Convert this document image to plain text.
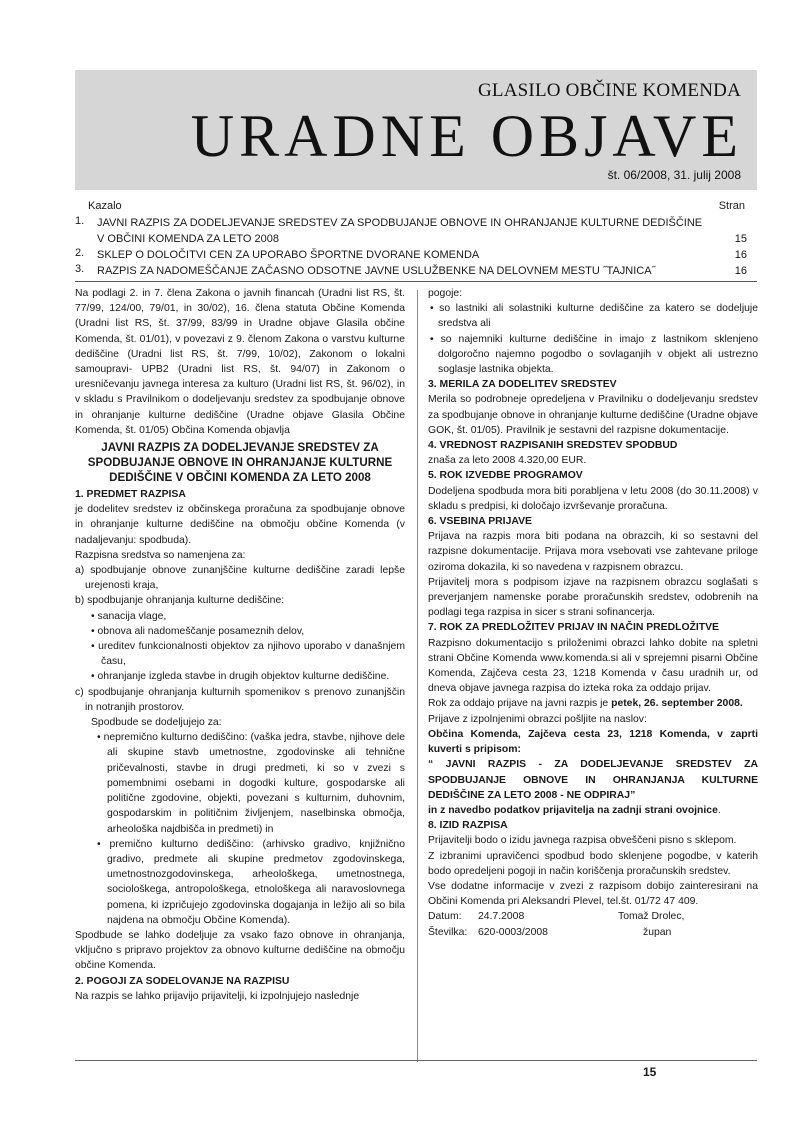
GLASILO OBČINE KOMENDA
URADNE OBJAVE
št. 06/2008, 31. julij 2008
Kazalo	Stran
1.	JAVNI RAZPIS ZA DODELJEVANJE SREDSTEV ZA SPODBUJANJE OBNOVE IN OHRANJANJE KULTURNE DEDIŠČINE V OBČINI KOMENDA ZA LETO 2008	15
2.	SKLEP O DOLOČITVI CEN ZA UPORABO ŠPORTNE DVORANE KOMENDA	16
3.	RAZPIS ZA NADOMEŠČANJE ZAČASNO ODSOTNE JAVNE USLUŽBENKE NA DELOVNEM MESTU ˝TAJNICA˝	16

Na podlagi 2. in 7. člena Zakona o javnih financah (Uradni list RS, št. 77/99, 124/00, 79/01, in 30/02), 16. člena statuta Občine Komenda (Uradni list RS, št. 37/99, 83/99 in Uradne objave Glasila občine Komenda, št. 01/01), v povezavi z 9. členom Zakona o varstvu kulturne dediščine (Uradni list RS, št. 7/99, 10/02), Zakonom o lokalni samoupravi- UPB2 (Uradni list RS, št. 94/07) in Zakonom o uresničevanju javnega interesa za kulturo (Uradni list RS, št. 96/02), in v skladu s Pravilnikom o dodeljevanju sredstev za spodbujanje obnove in ohranjanje kulturne dediščine (Uradne objave Glasila Občine Komenda, št. 01/05) Občina Komenda objavlja

JAVNI RAZPIS ZA DODELJEVANJE SREDSTEV ZA SPODBUJANJE OBNOVE IN OHRANJANJE KULTURNE DEDIŠČINE V OBČINI KOMENDA ZA LETO 2008

1. PREDMET RAZPISA

je dodelitev sredstev iz občinskega proračuna za spodbujanje obnove in ohranjanje kulturne dediščine na območju občine Komenda (v nadaljevanju: spodbuda).

Razpisna sredstva so namenjena za:

a) spodbujanje obnove zunanjščine kulturne dediščine zaradi lepše urejenosti kraja,

b) spodbujanje ohranjanja kulturne dediščine:

• sanacija vlage,

• obnova ali nadomeščanje posameznih delov,

• ureditev funkcionalnosti objektov za njihovo uporabo v današnjem času,

• ohranjanje izgleda stavbe in drugih objektov kulturne dediščine.

c) spodbujanje ohranjanja kulturnih spomenikov s prenovo zunanjščin in notranjih prostorov.

Spodbude se dodeljujejo za:

• nepremično kulturno dediščino: (vaška jedra, stavbe, njihove dele ali skupine stavb umetnostne, zgodovinske ali tehnične pričevalnosti, stavbe in drugi predmeti, ki so v zvezi s pomembnimi osebami in dogodki kulture, gospodarske ali politične zgodovine, objekti, povezani s kulturnim, duhovnim, gospodarskim in političnim življenjem, naselbinska območja, arheološka najdbišča in predmeti) in

• premično kulturno dediščino: (arhivsko gradivo, knjižnično gradivo, predmete ali skupine predmetov zgodovinskega, umetnostnozgodovinskega, arheološkega, umetnostnega, sociološkega, antropološkega, etnološkega ali naravoslovnega pomena, ki izpričujejo zgodovinska dogajanja in ležijo ali so bila najdena na območju Občine Komenda).

Spodbude se lahko dodeljuje za vsako fazo obnove in ohranjanja, vključno s pripravo projektov za obnovo kulturne dediščine na območju občine Komenda.

2. POGOJI ZA SODELOVANJE NA RAZPISU

Na razpis se lahko prijavijo prijavitelji, ki izpolnjujejo naslednje

pogoje:

• so lastniki ali solastniki kulturne dediščine za katero se dodeljuje sredstva ali

• so najemniki kulturne dediščine in imajo z lastnikom sklenjeno dolgoročno najemno pogodbo o sovlaganjih v objekt ali ustrezno soglasje lastnika objekta.

3. MERILA ZA DODELITEV SREDSTEV

Merila so podrobneje opredeljena v Pravilniku o dodeljevanju sredstev za spodbujanje obnove in ohranjanje kulturne dediščine (Uradne objave GOK, št. 01/05). Pravilnik je sestavni del razpisne dokumentacije.

4. VREDNOST RAZPISANIH SREDSTEV SPODBUD

znaša za leto 2008 4.320,00 EUR.

5. ROK IZVEDBE PROGRAMOV

Dodeljena spodbuda mora biti porabljena v letu 2008 (do 30.11.2008) v skladu s predpisi, ki določajo izvrševanje proračuna.

6. VSEBINA PRIJAVE

Prijava na razpis mora biti podana na obrazcih, ki so sestavni del razpisne dokumentacije. Prijava mora vsebovati vse zahtevane priloge oziroma dokazila, ki so navedena v razpisnem obrazcu.

Prijavitelj mora s podpisom izjave na razpisnem obrazcu soglašati s preverjanjem namenske porabe proračunskih sredstev, odobrenih na podlagi tega razpisa in sicer s strani sofinancerja.

7. ROK ZA PREDLOŽITEV PRIJAV IN NAČIN PREDLOŽITVE

Razpisno dokumentacijo s priloženimi obrazci lahko dobite na spletni strani Občine Komenda www.komenda.si ali v sprejemni pisarni Občine Komenda, Zajčeva cesta 23, 1218 Komenda v času uradnih ur, od dneva objave javnega razpisa do izteka roka za oddajo prijav.

Rok za oddajo prijave na javni razpis je petek, 26. september 2008.

Prijave z izpolnjenimi obrazci pošljite na naslov:

Občina Komenda, Zajčeva cesta 23, 1218 Komenda, v zaprti kuverti s pripisom:

“ JAVNI RAZPIS - ZA DODELJEVANJE SREDSTEV ZA SPODBUJANJE OBNOVE IN OHRANJANJA KULTURNE DEDIŠČINE ZA LETO 2008 - NE ODPIRAJ”

in z navedbo podatkov prijavitelja na zadnji strani ovojnice.

8. IZID RAZPISA

Prijavitelji bodo o izidu javnega razpisa obveščeni pisno s sklepom.

Z izbranimi upravičenci spodbud bodo sklenjene pogodbe, v katerih bodo opredeljeni pogoji in način koriščenja proračunskih sredstev.

Vse dodatne informacije v zvezi z razpisom dobijo zainteresirani na Občini Komenda pri Aleksandri Plevel, tel.št. 01/72 47 409.

Datum:	24.7.2008	Tomaž Drolec,
Številka:	620-0003/2008	župan
15
